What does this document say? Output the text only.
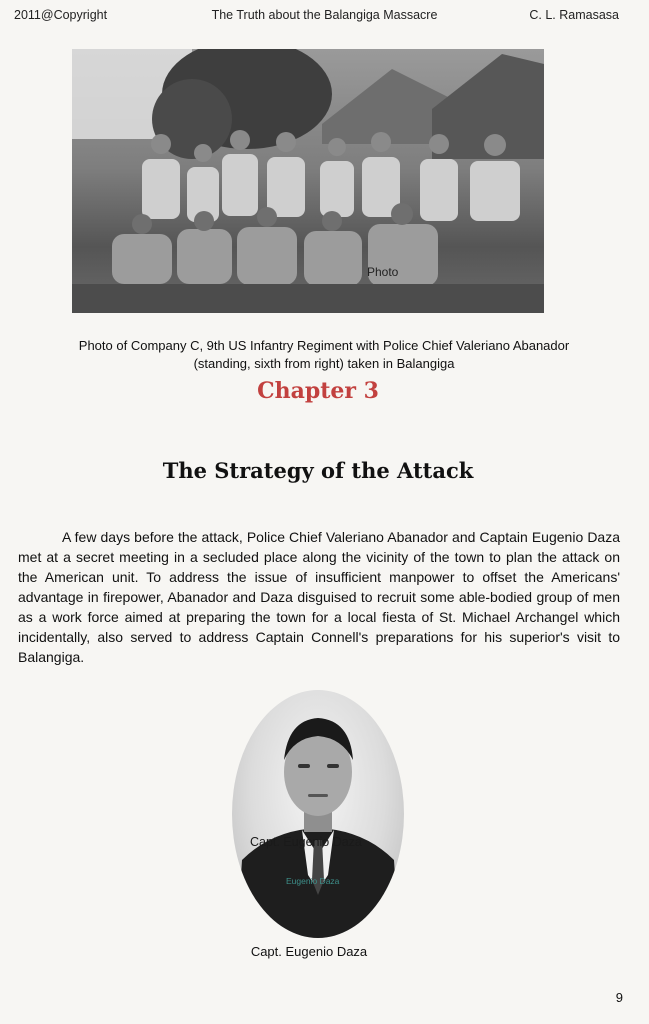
2011@Copyright	The Truth about the Balangiga Massacre	C. L. Ramasasa
Photo
Photo of Company C, 9th US Infantry Regiment with Police Chief Valeriano Abanador
(standing, sixth from right) taken in Balangiga
Chapter 3
The Strategy of the Attack
A few days before the attack, Police Chief Valeriano Abanador and Captain Eugenio Daza met at a secret meeting in a secluded place along the vicinity of the town to plan the attack on the American unit. To address the issue of insufficient manpower to offset the Americans' advantage in firepower, Abanador and Daza disguised to recruit some able-bodied group of men as a work force aimed at preparing the town for a local fiesta of St. Michael Archangel which incidentally, also served to address Captain Connell's preparations for his superior's visit to Balangiga.
Capt. Eugenio Daza
Eugenio Daza
Capt. Eugenio Daza
9
